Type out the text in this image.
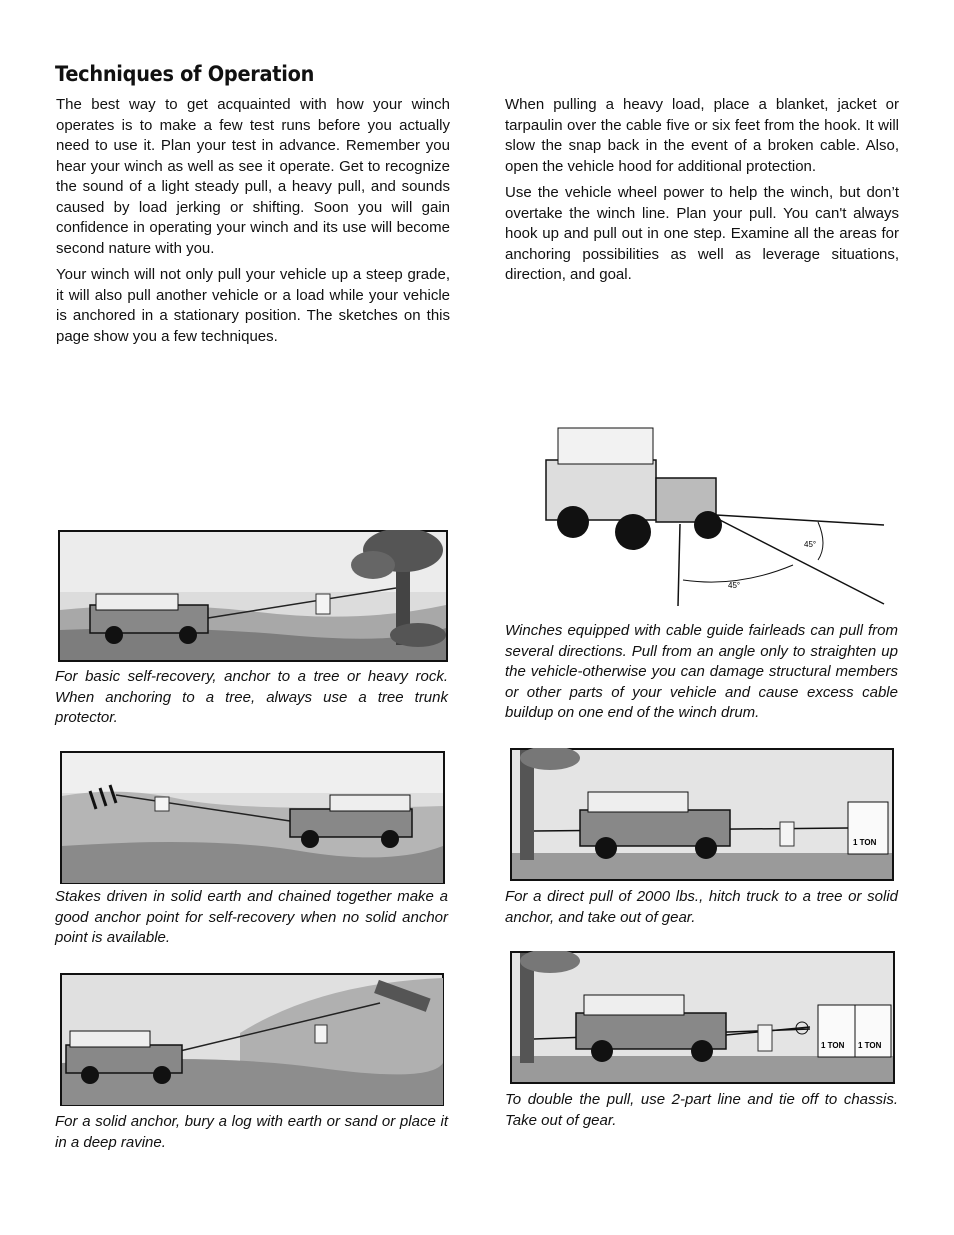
Techniques of Operation

The best way to get acquainted with how your winch operates is to make a few test runs before you actually need to use it. Plan your test in advance. Remember you hear your winch as well as see it operate. Get to recognize the sound of a light steady pull, a heavy pull, and sounds caused by load jerking or shifting. Soon you will gain confidence in operating your winch and its use will become second nature with you.

Your winch will not only pull your vehicle up a steep grade, it will also pull another vehicle or a load while your vehicle is anchored in a stationary position. The sketches on this page show you a few techniques.

When pulling a heavy load, place a blanket, jacket or tarpaulin over the cable five or six feet from the hook. It will slow the snap back in the event of a broken cable. Also, open the vehicle hood for additional protection.

Use the vehicle wheel power to help the winch, but don’t overtake the winch line. Plan your pull. You can't always hook up and pull out in one step. Examine all the areas for anchoring possibilities as well as leverage situations, direction, and goal.

For basic self-recovery, anchor to a tree or heavy rock. When anchoring to a tree, always use a tree trunk protector.

Stakes driven in solid earth and chained together make a good anchor point for self-recovery when no solid anchor point is available.

For a solid anchor, bury a log with earth or sand or place it in a deep ravine.

45°
45°

Winches equipped with cable guide fairleads can pull from several directions. Pull from an angle only to straighten up the vehicle-otherwise you can damage structural members or other parts of your vehicle and cause excess cable buildup on one end of the winch drum.

1 TON

For a direct pull of 2000 lbs., hitch truck to a tree or solid anchor, and take out of gear.

1 TON 1 TON

To double the pull, use 2-part line and tie off to chassis. Take out of gear.
